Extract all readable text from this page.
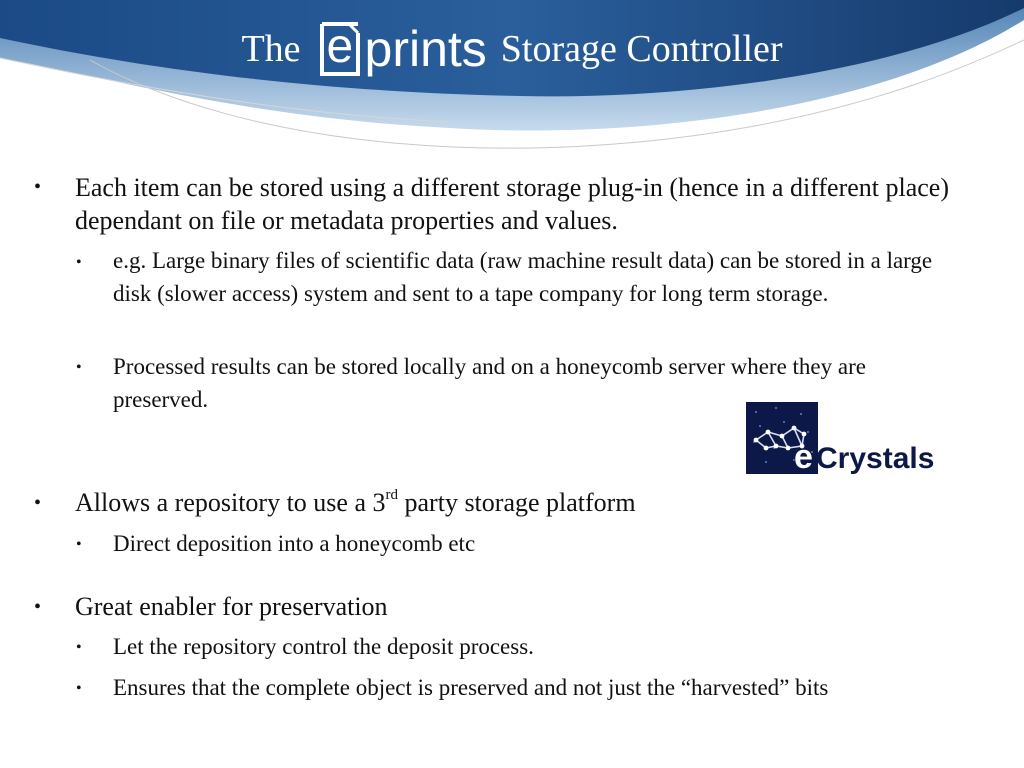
The e prints Storage Controller
• Each item can be stored using a different storage plug-in (hence in a different place) dependant on file or metadata properties and values.
• e.g. Large binary files of scientific data (raw machine result data) can be stored in a large disk (slower access) system and sent to a tape company for long term storage.
• Processed results can be stored locally and on a honeycomb server where they are preserved.
• Allows a repository to use a 3rd party storage platform
• Direct deposition into a honeycomb etc
• Great enabler for preservation
• Let the repository control the deposit process.
• Ensures that the complete object is preserved and not just the “harvested” bits
e Crystals
